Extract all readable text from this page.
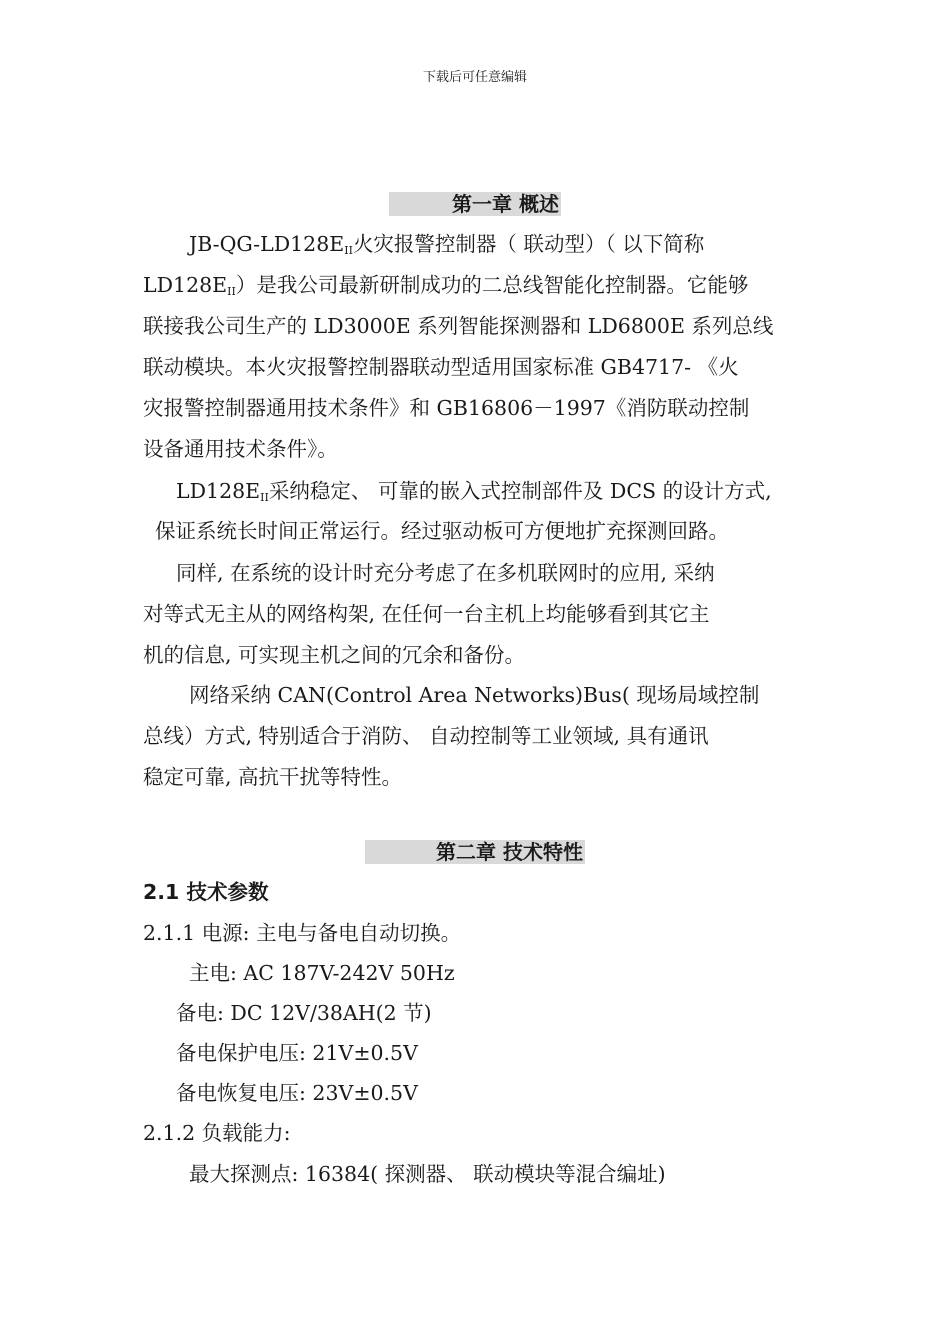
下载后可任意编辑
第一章 概述
$JB-QG-LD128E_{II}$火灾报警控制器（ 联动型）（ 以下简称
$LD128E_{II}$）是我公司最新研制成功的二总线智能化控制器。它能够
联接我公司生产的 LD3000E 系列智能探测器和 LD6800E 系列总线
联动模块。本火灾报警控制器联动型适用国家标准 GB4717- 《火
灾报警控制器通用技术条件》和 GB16806－1997《消防联动控制
设备通用技术条件》。
$LD128E_{II}$采纳稳定、 可靠的嵌入式控制部件及 DCS 的设计方式,
保证系统长时间正常运行。经过驱动板可方便地扩充探测回路。
同样, 在系统的设计时充分考虑了在多机联网时的应用, 采纳
对等式无主从的网络构架, 在任何一台主机上均能够看到其它主
机的信息, 可实现主机之间的冗余和备份。
网络采纳 CAN(Control Area Networks)Bus( 现场局域控制
总线）方式, 特别适合于消防、 自动控制等工业领域, 具有通讯
稳定可靠, 高抗干扰等特性。
第二章 技术特性
2.1 技术参数
2.1.1 电源: 主电与备电自动切换。
主电: AC 187V-242V 50Hz
备电: DC 12V/38AH(2 节)
备电保护电压: 21V±0.5V
备电恢复电压: 23V±0.5V
2.1.2 负载能力:
最大探测点: 16384( 探测器、 联动模块等混合编址)
